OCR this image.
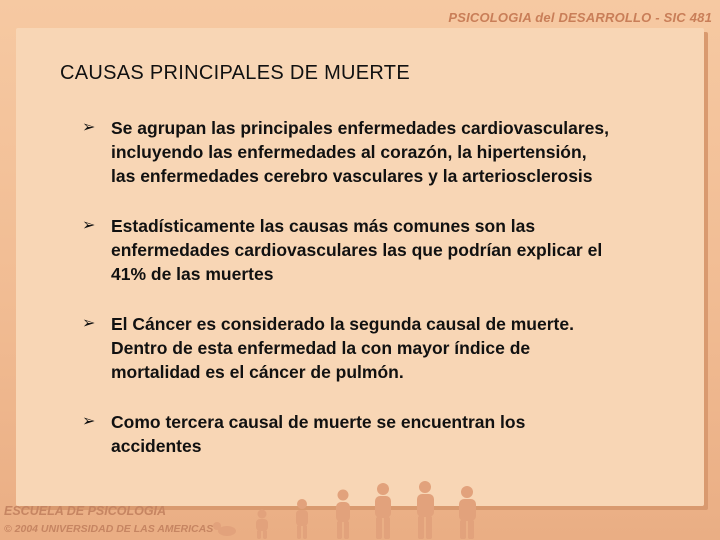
PSICOLOGIA del DESARROLLO - SIC 481
CAUSAS PRINCIPALES DE MUERTE
➢ Se agrupan las principales enfermedades cardiovasculares,
incluyendo las enfermedades al corazón, la hipertensión,
las enfermedades cerebro vasculares y la arteriosclerosis
➢ Estadísticamente las causas más comunes son las
enfermedades cardiovasculares las que podrían explicar el
41% de las muertes
➢ El Cáncer es considerado la segunda causal de muerte.
Dentro de esta enfermedad la con mayor índice de
mortalidad es el cáncer de pulmón.
➢ Como tercera causal de muerte se encuentran los
accidentes
ESCUELA DE PSICOLOGIA
© 2004 UNIVERSIDAD DE LAS AMERICAS
